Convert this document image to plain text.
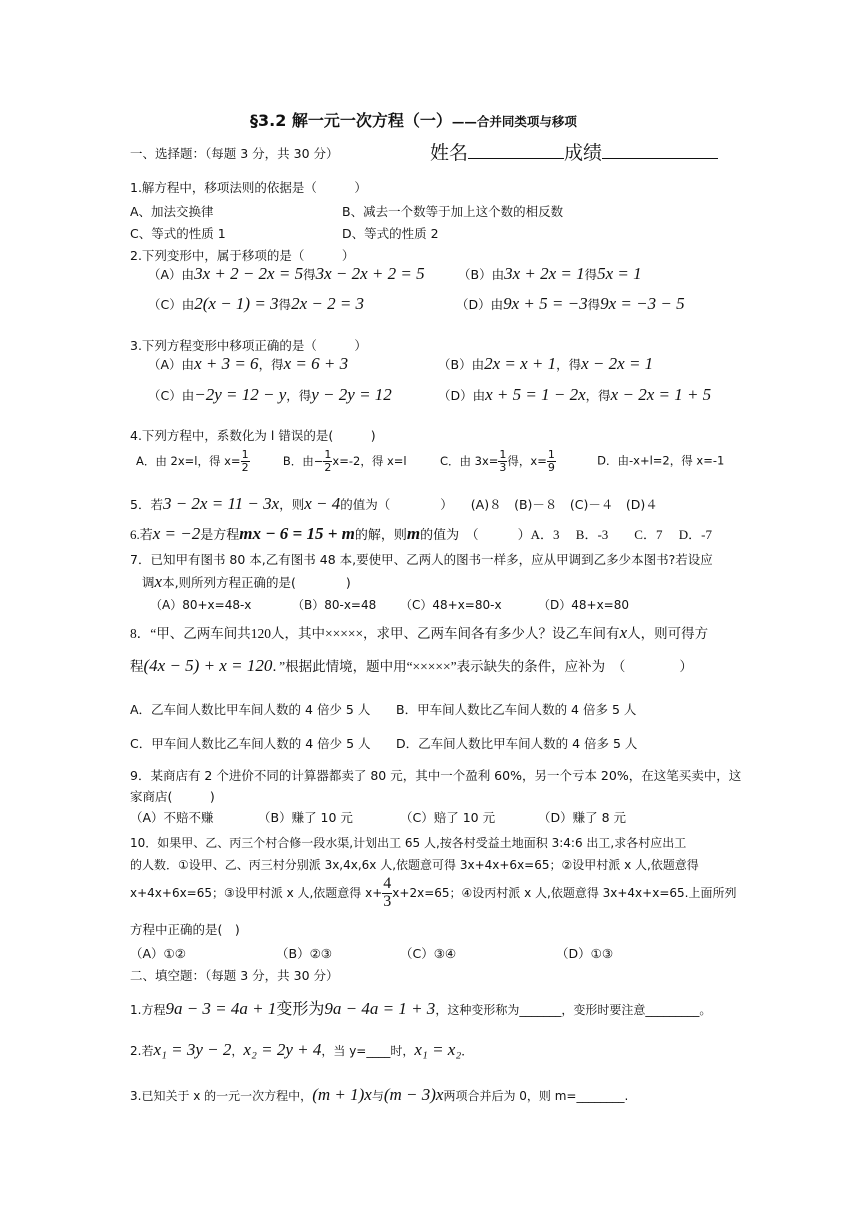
§3.2 解一元一次方程（一）——合并同类项与移项
一、选择题：（每题 3 分，共 30 分）	姓名	成绩
1.解方程中，移项法则的依据是（　　　）
A、加法交换律	B、减去一个数等于加上这个数的相反数
C、等式的性质 1	D、等式的性质 2
2.下列变形中，属于移项的是（　　　）
（A）由3x + 2 − 2x = 5得3x − 2x + 2 = 5	（B）由3x + 2x = 1得5x = 1
（C）由2(x − 1) = 3得2x − 2 = 3	（D）由9x + 5 = −3得9x = −3 − 5
3.下列方程变形中移项正确的是（　　　）
（A）由x + 3 = 6，得x = 6 + 3	（B）由2x = x + 1，得x − 2x = 1
（C）由−2y = 12 − y，得y − 2y = 12	（D）由x + 5 = 1 − 2x，得x − 2x = 1 + 5
4.下列方程中，系数化为 l 错误的是(　　　)
A．由 2x=l，得 $x= \frac{1}{2}$	B．由− $\frac{1}{2} x=-2$，得 x=l	C．由 $3x= \frac{1}{3}$ 得，$x= \frac{1}{9}$	D．由-x+l=2，得 x=-1
5．若3 − 2x = 11 − 3x，则x − 4的值为（　　　　） (A)８　(B)－８　(C)－４　(D)４
6.若x = −2是方程mx − 6 = 15 + m的解，则m的值为　（　　　）A．3　 B．-3　　C．7　 D．-7
7．已知甲有图书 80 本,乙有图书 48 本,要使甲、乙两人的图书一样多，应从甲调到乙多少本图书?若设应
调x本,则所列方程正确的是(　　　　)
（A）80+x=48-x	（B）80-x=48 （C）48+x=80-x	（D）48+x=80
8．“甲、乙两车间共120人，其中×××××，求甲、乙两车间各有多少人？设乙车间有x人，则可得方
程(4x − 5) + x = 120．”根据此情境，题中用“×××××”表示缺失的条件，应补为　（　　　　）
A．乙车间人数比甲车间人数的 4 倍少 5 人 B．甲车间人数比乙车间人数的 4 倍多 5 人
C．甲车间人数比乙车间人数的 4 倍少 5 人 D．乙车间人数比甲车间人数的 4 倍多 5 人
9．某商店有 2 个进价不同的计算器都卖了 80 元，其中一个盈利 60%，另一个亏本 20%，在这笔买卖中，这
家商店(　　　)
（A）不赔不赚	（B）赚了 10 元	（C）赔了 10 元	（D）赚了 8 元
10．如果甲、乙、丙三个村合修一段水渠,计划出工 65 人,按各村受益土地面积 3:4:6 出工,求各村应出工
的人数．①设甲、乙、丙三村分别派 3x,4x,6x 人,依题意可得 3x+4x+6x=65；②设甲村派 x 人,依题意得
x+4x+6x=65；③设甲村派 x 人,依题意得 $x+ \frac{4}{3} x+2x=65$；④设丙村派 x 人,依题意得 3x+4x+x=65.上面所列
方程中正确的是(　)
（A）①②	（B）②③	（C）③④	（D）①③
二、填空题：（每题 3 分，共 30 分）
1.方程9a − 3 = 4a + 1变形为9a − 4a = 1 + 3，这种变形称为_______，变形时要注意_________。
2.若x₁ = 3y − 2，x₂ = 2y + 4，当 y=____时，x₁ = x₂．
3.已知关于 x 的一元一次方程中，(m + 1)x与(m − 3)x两项合并后为 0，则 m=________.
